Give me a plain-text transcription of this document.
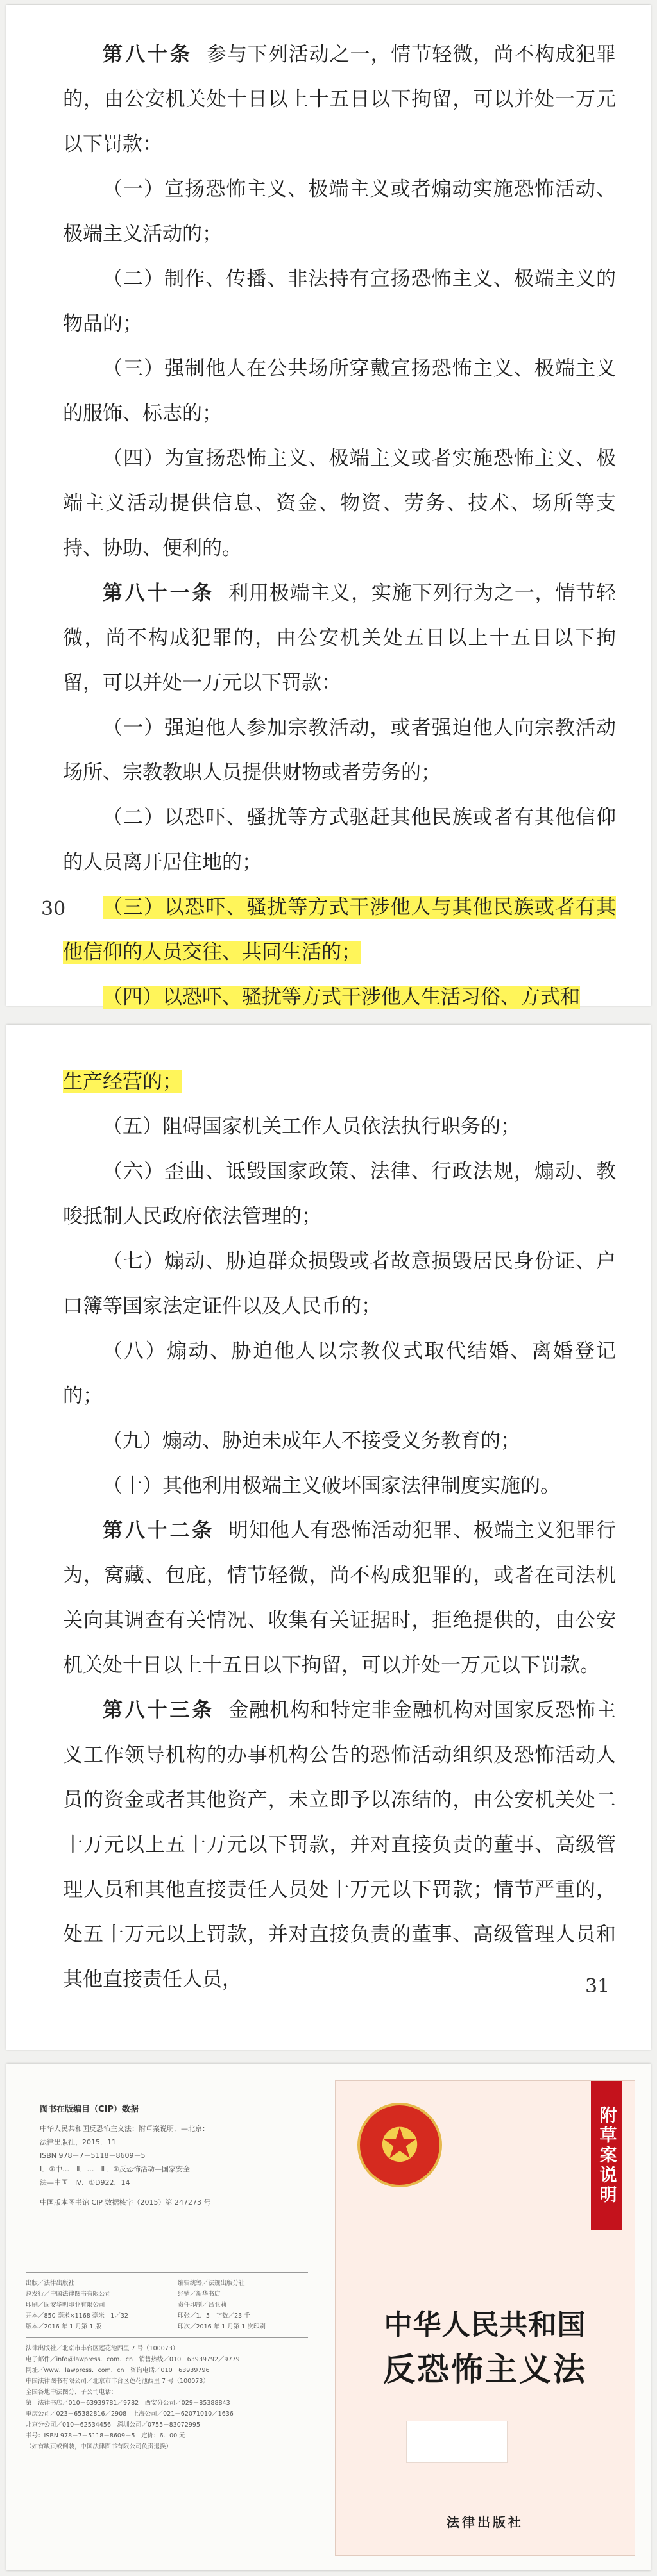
第八十条 参与下列活动之一，情节轻微，尚不构成犯罪的，由公安机关处十日以上十五日以下拘留，可以并处一万元以下罚款：

（一）宣扬恐怖主义、极端主义或者煽动实施恐怖活动、极端主义活动的；

（二）制作、传播、非法持有宣扬恐怖主义、极端主义的物品的；

（三）强制他人在公共场所穿戴宣扬恐怖主义、极端主义的服饰、标志的；

（四）为宣扬恐怖主义、极端主义或者实施恐怖主义、极端主义活动提供信息、资金、物资、劳务、技术、场所等支持、协助、便利的。

第八十一条 利用极端主义，实施下列行为之一，情节轻微，尚不构成犯罪的，由公安机关处五日以上十五日以下拘留，可以并处一万元以下罚款：

（一）强迫他人参加宗教活动，或者强迫他人向宗教活动场所、宗教教职人员提供财物或者劳务的；

（二）以恐吓、骚扰等方式驱赶其他民族或者有其他信仰的人员离开居住地的；

（三）以恐吓、骚扰等方式干涉他人与其他民族或者有其他信仰的人员交往、共同生活的；

（四）以恐吓、骚扰等方式干涉他人生活习俗、方式和

30

生产经营的；

（五）阻碍国家机关工作人员依法执行职务的；

（六）歪曲、诋毁国家政策、法律、行政法规，煽动、教唆抵制人民政府依法管理的；

（七）煽动、胁迫群众损毁或者故意损毁居民身份证、户口簿等国家法定证件以及人民币的；

（八）煽动、胁迫他人以宗教仪式取代结婚、离婚登记的；

（九）煽动、胁迫未成年人不接受义务教育的；

（十）其他利用极端主义破坏国家法律制度实施的。

第八十二条 明知他人有恐怖活动犯罪、极端主义犯罪行为，窝藏、包庇，情节轻微，尚不构成犯罪的，或者在司法机关向其调查有关情况、收集有关证据时，拒绝提供的，由公安机关处十日以上十五日以下拘留，可以并处一万元以下罚款。

第八十三条 金融机构和特定非金融机构对国家反恐怖主义工作领导机构的办事机构公告的恐怖活动组织及恐怖活动人员的资金或者其他资产，未立即予以冻结的，由公安机关处二十万元以上五十万元以下罚款，并对直接负责的董事、高级管理人员和其他直接责任人员处十万元以下罚款；情节严重的，处五十万元以上罚款，并对直接负责的董事、高级管理人员和其他直接责任人员，	31
图书在版编目（CIP）数据
中华人民共和国反恐怖主义法：附草案说明．—北京：
法律出版社，2015．11
ISBN 978－7－5118－8609－5
Ⅰ．①中…　Ⅱ．…　Ⅲ．①反恐怖活动—国家安全
法—中国　Ⅳ．①D922．14
中国版本图书馆 CIP 数据核字（2015）第 247273 号
出版／法律出版社	编辑统筹／法规出版分社
总发行／中国法律图书有限公司	经销／新华书店
印刷／固安华明印业有限公司	责任印制／吕亚莉
开本／850 毫米×1168 毫米　1／32	印张／1．5　字数／23 千
版本／2016 年 1 月第 1 版	印次／2016 年 1 月第 1 次印刷
法律出版社／北京市丰台区莲花池西里 7 号（100073）
电子邮件／info＠lawpress．com．cn　销售热线／010－63939792／9779
网址／www．lawpress．com．cn　咨询电话／010－63939796
中国法律图书有限公司／北京市丰台区莲花池西里 7 号（100073）
全国各地中法图分、子公司电话：
第一法律书店／010－63939781／9782　西安分公司／029－85388843
重庆公司／023－65382816／2908　上海公司／021－62071010／1636
北京分公司／010－62534456　深圳公司／0755－83072995
书号：ISBN 978－7－5118－8609－5　定价：6．00 元
（如有缺页或倒装，中国法律图书有限公司负责退换）
✪	附草案说明
中华人民共和国
反恐怖主义法
法律出版社
